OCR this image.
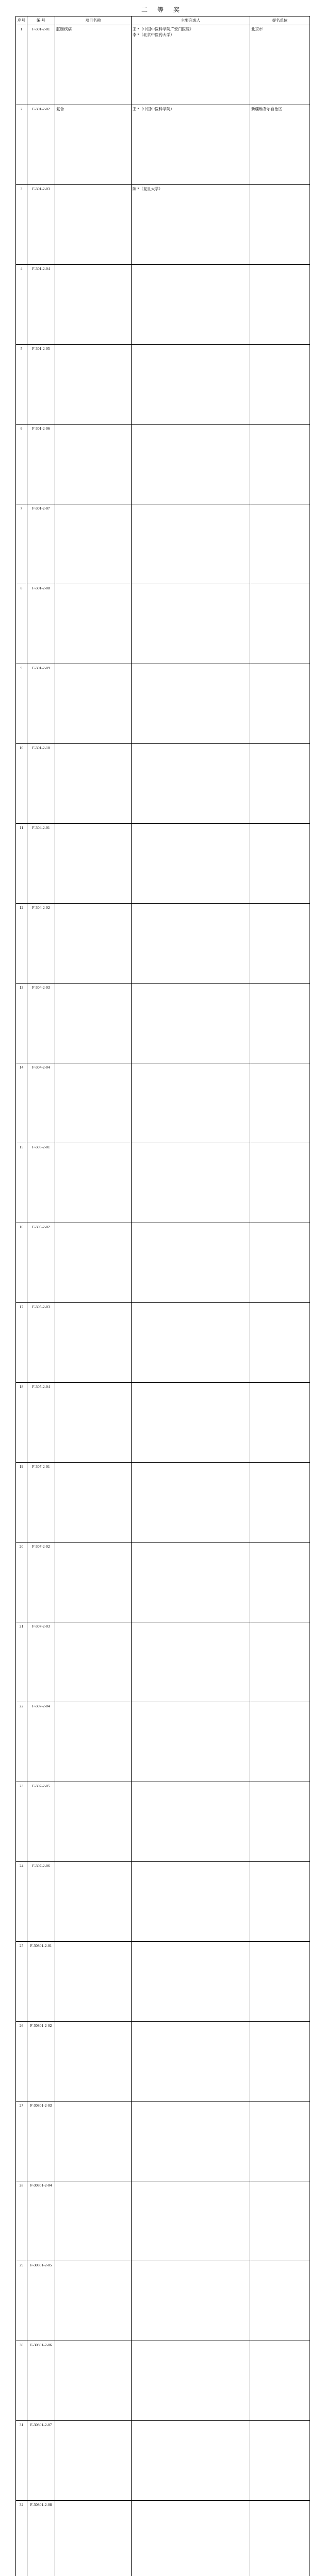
二 等 奖
序号	编 号	项目名称	主要完成人	提名单位
1	F-301-2-01	肛肠疾病	王 *（中国中医科学院广安门医院）
李 *（北京中医药大学）	北京市
2	F-301-2-02	复合	王 *（中国中医科学院）	新疆维吾尔自治区
3	F-301-2-03		陈 *（复旦大学）	

4	F-301-2-04			
5	F-301-2-05			
6	F-301-2-06			
7	F-301-2-07			
8	F-301-2-08			
9	F-301-2-09			
10	F-301-2-10			
11	F-304-2-01			
12	F-304-2-02			
13	F-304-2-03			
14	F-304-2-04			
15	F-305-2-01			
16	F-305-2-02			
17	F-305-2-03			
18	F-305-2-04			
19	F-307-2-01			
20	F-307-2-02			
21	F-307-2-03			
22	F-307-2-04			
23	F-307-2-05			
24	F-307-2-06			
25	F-30801-2-01			
26	F-30801-2-02			
27	F-30801-2-03			
28	F-30801-2-04			
29	F-30801-2-05			
30	F-30801-2-06			
31	F-30801-2-07			
32	F-30801-2-08			
